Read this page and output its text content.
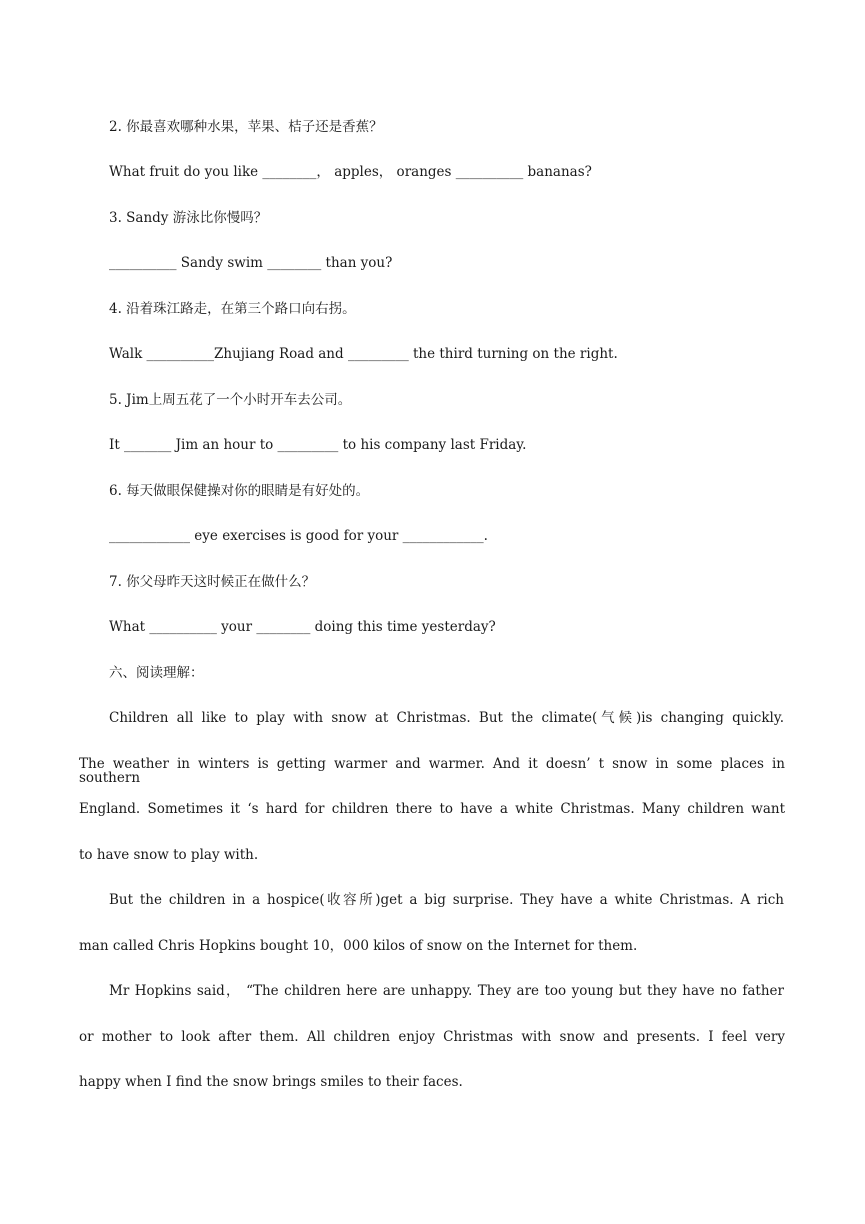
2. 你最喜欢哪种水果，苹果、桔子还是香蕉？
What fruit do you like ________， apples， oranges __________ bananas?
3. Sandy 游泳比你慢吗？
__________ Sandy swim ________ than you?
4. 沿着珠江路走，在第三个路口向右拐。
Walk __________Zhujiang Road and _________ the third turning on the right.
5. Jim上周五花了一个小时开车去公司。
It _______ Jim an hour to _________ to his company last Friday.
6. 每天做眼保健操对你的眼睛是有好处的。
____________ eye exercises is good for your ____________.
7. 你父母昨天这时候正在做什么？
What __________ your ________ doing this time yesterday?
六、阅读理解：
Children all like to play with snow at Christmas. But the climate(气候)is changing quickly.
The weather in winters is getting warmer and warmer. And it doesn’ t snow in some places in southern
England. Sometimes it ‘s hard for children there to have a white Christmas. Many children want
to have snow to play with.
But the children in a hospice(收容所)get a big surprise. They have a white Christmas. A rich
man called Chris Hopkins bought 10，000 kilos of snow on the Internet for them.
Mr Hopkins said， “The children here are unhappy. They are too young but they have no father
or mother to look after them. All children enjoy Christmas with snow and presents. I feel very
happy when I find the snow brings smiles to their faces.
